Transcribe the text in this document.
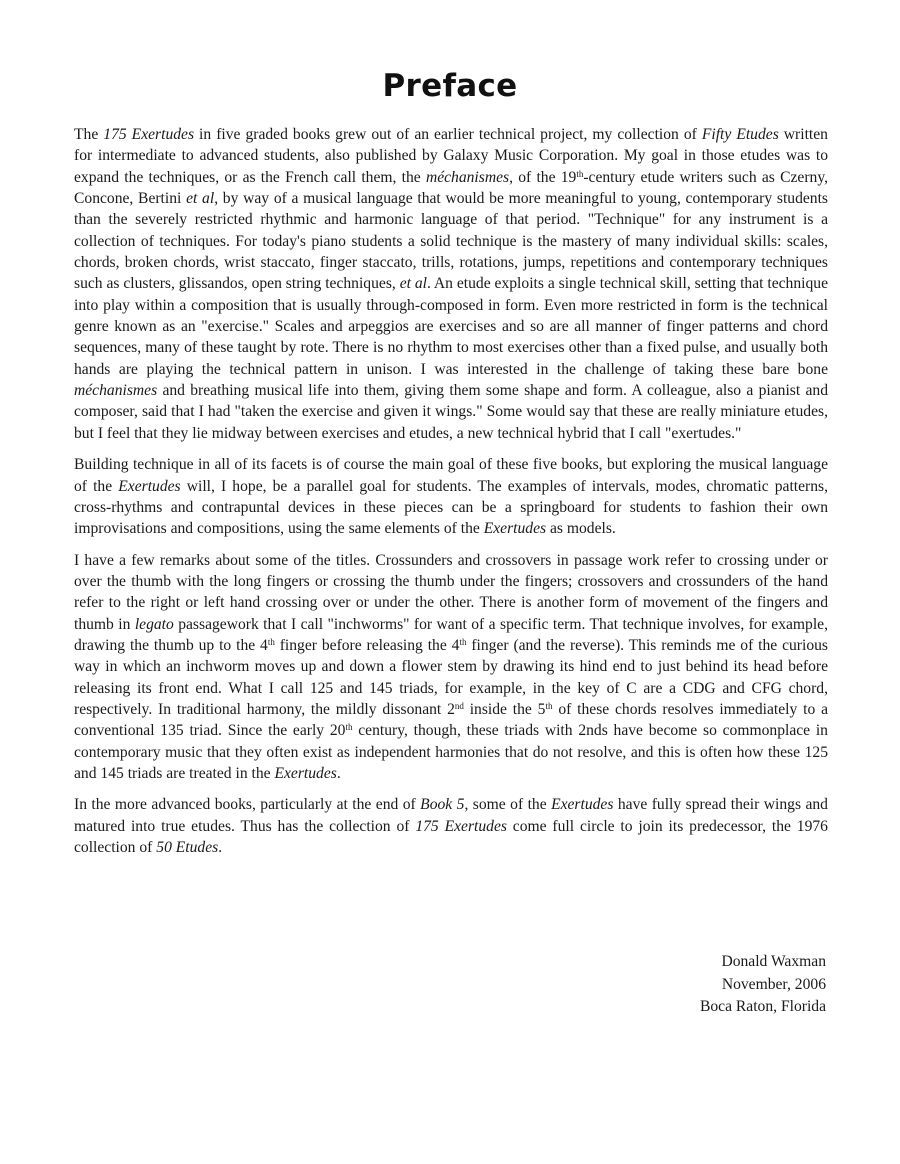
Preface

The 175 Exertudes in five graded books grew out of an earlier technical project, my collection of Fifty Etudes written for intermediate to advanced students, also published by Galaxy Music Corporation. My goal in those etudes was to expand the techniques, or as the French call them, the méchanismes, of the 19th-century etude writers such as Czerny, Concone, Bertini et al, by way of a musical language that would be more meaningful to young, contemporary students than the severely restricted rhythmic and harmonic language of that period. "Technique" for any instrument is a collection of techniques. For today's piano students a solid technique is the mastery of many individual skills: scales, chords, broken chords, wrist staccato, finger staccato, trills, rotations, jumps, repetitions and contemporary techniques such as clusters, glissandos, open string techniques, et al. An etude exploits a single technical skill, setting that technique into play within a composition that is usually through-composed in form. Even more restricted in form is the technical genre known as an "exercise." Scales and arpeggios are exercises and so are all manner of finger patterns and chord sequences, many of these taught by rote. There is no rhythm to most exercises other than a fixed pulse, and usually both hands are playing the technical pattern in unison. I was interested in the challenge of taking these bare bone méchanismes and breathing musical life into them, giving them some shape and form. A colleague, also a pianist and composer, said that I had "taken the exercise and given it wings." Some would say that these are really miniature etudes, but I feel that they lie midway between exercises and etudes, a new technical hybrid that I call "exertudes."

Building technique in all of its facets is of course the main goal of these five books, but exploring the musical language of the Exertudes will, I hope, be a parallel goal for students. The examples of intervals, modes, chromatic patterns, cross-rhythms and contrapuntal devices in these pieces can be a springboard for students to fashion their own improvisations and compositions, using the same elements of the Exertudes as models.

I have a few remarks about some of the titles. Crossunders and crossovers in passage work refer to crossing under or over the thumb with the long fingers or crossing the thumb under the fingers; crossovers and crossunders of the hand refer to the right or left hand crossing over or under the other. There is another form of movement of the fingers and thumb in legato passagework that I call "inchworms" for want of a specific term. That technique involves, for example, drawing the thumb up to the 4th finger before releasing the 4th finger (and the reverse). This reminds me of the curious way in which an inchworm moves up and down a flower stem by drawing its hind end to just behind its head before releasing its front end. What I call 125 and 145 triads, for example, in the key of C are a CDG and CFG chord, respectively. In traditional harmony, the mildly dissonant 2nd inside the 5th of these chords resolves immediately to a conventional 135 triad. Since the early 20th century, though, these triads with 2nds have become so commonplace in contemporary music that they often exist as independent harmonies that do not resolve, and this is often how these 125 and 145 triads are treated in the Exertudes.

In the more advanced books, particularly at the end of Book 5, some of the Exertudes have fully spread their wings and matured into true etudes. Thus has the collection of 175 Exertudes come full circle to join its predecessor, the 1976 collection of 50 Etudes.

Donald Waxman
November, 2006
Boca Raton, Florida
